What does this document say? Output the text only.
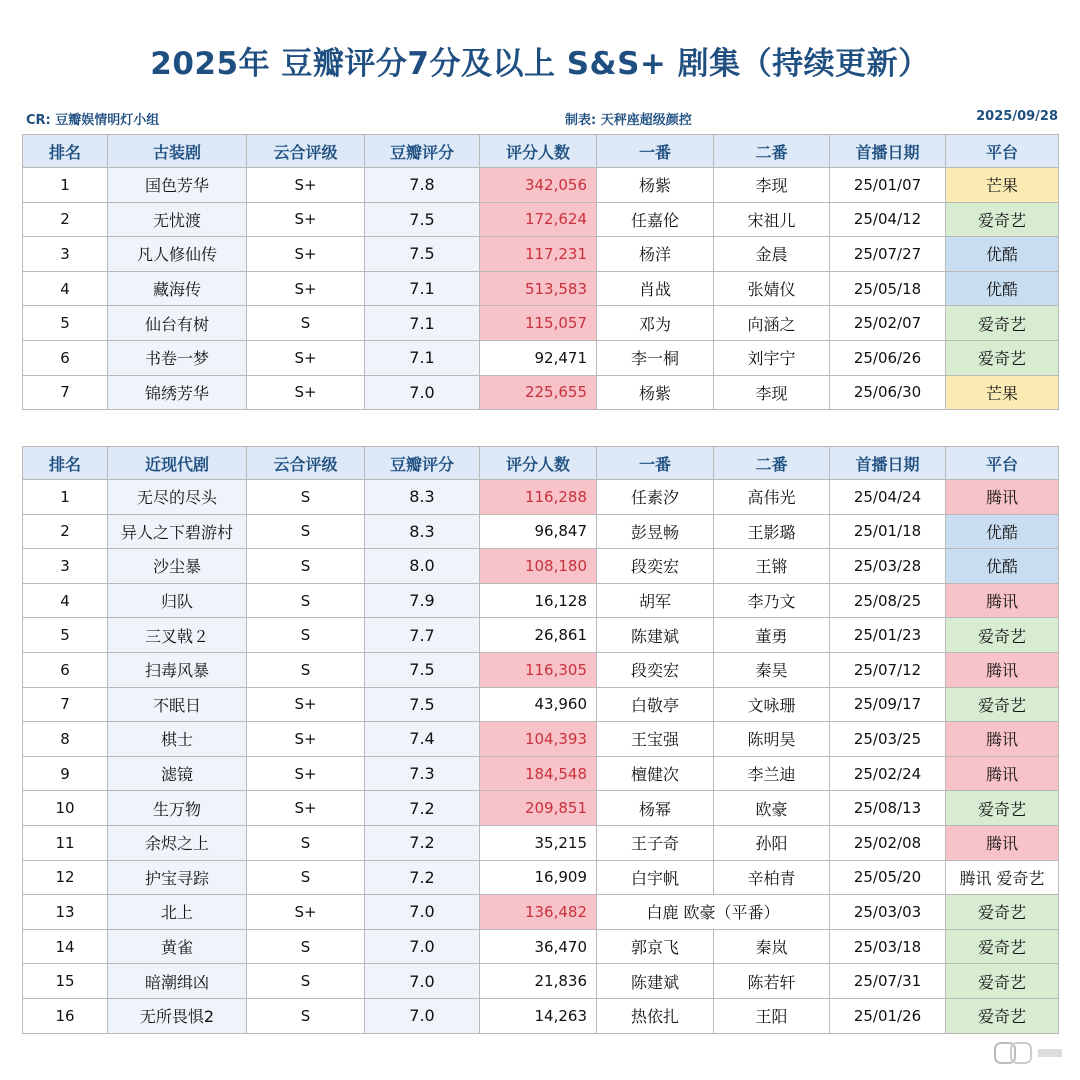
2025年 豆瓣评分7分及以上 S&S+ 剧集（持续更新）
CR: 豆瓣娱情明灯小组	制表: 天秤座超级颜控	2025/09/28
排名	古装剧	云合评级	豆瓣评分	评分人数	一番	二番	首播日期	平台
1	国色芳华	S+	7.8	342,056	杨紫	李现	25/01/07	芒果
2	无忧渡	S+	7.5	172,624	任嘉伦	宋祖儿	25/04/12	爱奇艺
3	凡人修仙传	S+	7.5	117,231	杨洋	金晨	25/07/27	优酷
4	藏海传	S+	7.1	513,583	肖战	张婧仪	25/05/18	优酷
5	仙台有树	S	7.1	115,057	邓为	向涵之	25/02/07	爱奇艺
6	书卷一梦	S+	7.1	92,471	李一桐	刘宇宁	25/06/26	爱奇艺
7	锦绣芳华	S+	7.0	225,655	杨紫	李现	25/06/30	芒果
排名	近现代剧	云合评级	豆瓣评分	评分人数	一番	二番	首播日期	平台
1	无尽的尽头	S	8.3	116,288	任素汐	高伟光	25/04/24	腾讯
2	异人之下碧游村	S	8.3	96,847	彭昱畅	王影璐	25/01/18	优酷
3	沙尘暴	S	8.0	108,180	段奕宏	王锵	25/03/28	优酷
4	归队	S	7.9	16,128	胡军	李乃文	25/08/25	腾讯
5	三叉戟２	S	7.7	26,861	陈建斌	董勇	25/01/23	爱奇艺
6	扫毒风暴	S	7.5	116,305	段奕宏	秦昊	25/07/12	腾讯
7	不眠日	S+	7.5	43,960	白敬亭	文咏珊	25/09/17	爱奇艺
8	棋士	S+	7.4	104,393	王宝强	陈明昊	25/03/25	腾讯
9	滤镜	S+	7.3	184,548	檀健次	李兰迪	25/02/24	腾讯
10	生万物	S+	7.2	209,851	杨幂	欧豪	25/08/13	爱奇艺
11	余烬之上	S	7.2	35,215	王子奇	孙阳	25/02/08	腾讯
12	护宝寻踪	S	7.2	16,909	白宇帆	辛柏青	25/05/20	腾讯 爱奇艺
13	北上	S+	7.0	136,482	白鹿 欧豪（平番）		25/03/03	爱奇艺
14	黄雀	S	7.0	36,470	郭京飞	秦岚	25/03/18	爱奇艺
15	暗潮缉凶	S	7.0	21,836	陈建斌	陈若轩	25/07/31	爱奇艺
16	无所畏惧2	S	7.0	14,263	热依扎	王阳	25/01/26	爱奇艺
